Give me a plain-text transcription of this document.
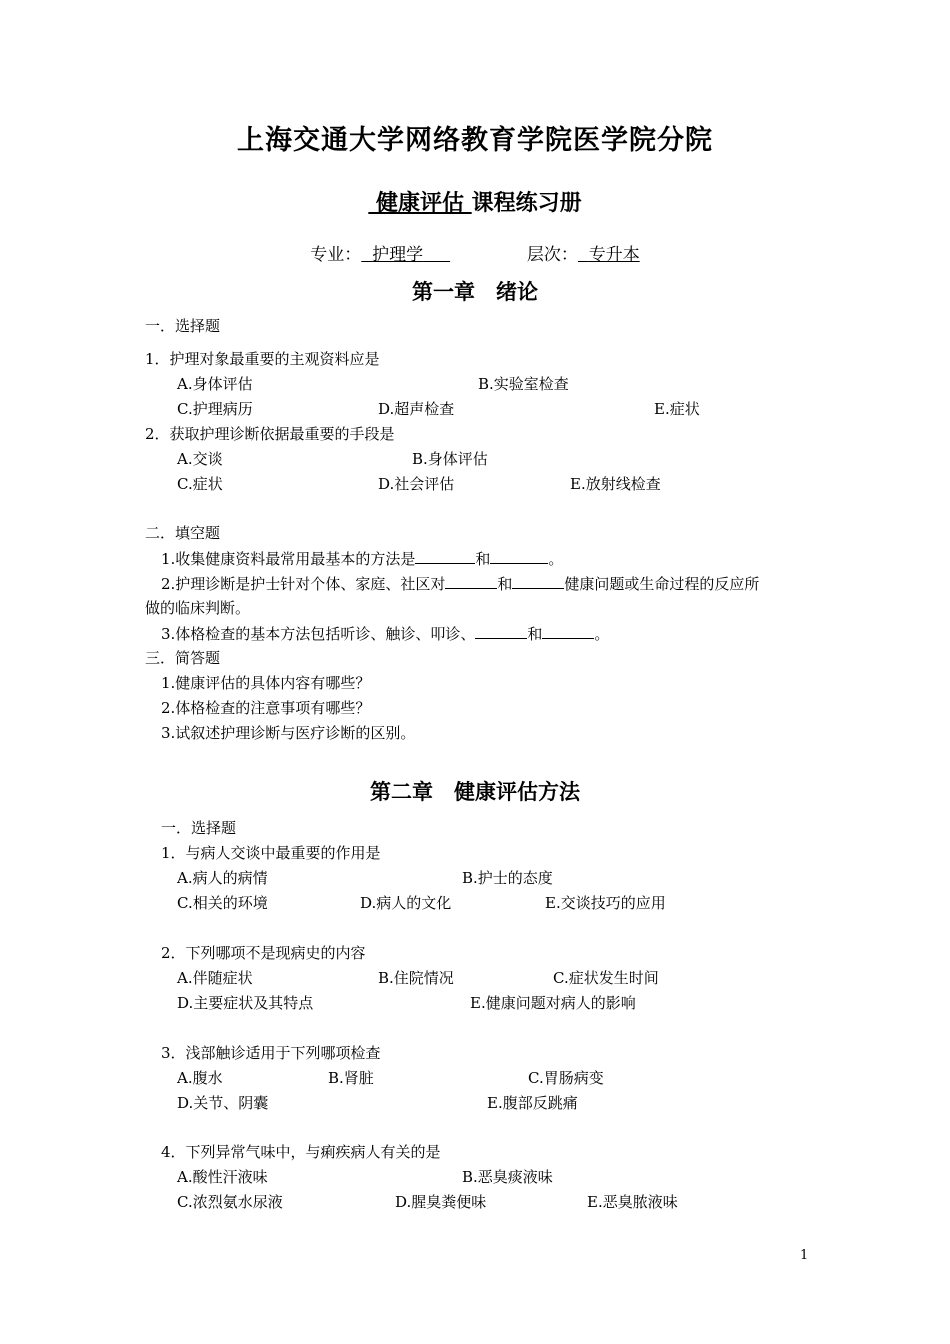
上海交通大学网络教育学院医学院分院
健康评估 课程练习册
专业： 护理学	层次： 专升本
第一章　绪论
一．选择题
1．护理对象最重要的主观资料应是
A.身体评估	B.实验室检查
C.护理病历	D.超声检查	E.症状
2．获取护理诊断依据最重要的手段是
A.交谈	B.身体评估
C.症状	D.社会评估	E.放射线检查
二．填空题
1.收集健康资料最常用最基本的方法是	和	。
2.护理诊断是护士针对个体、家庭、社区对	和	健康问题或生命过程的反应所
做的临床判断。
3.体格检查的基本方法包括听诊、触诊、叩诊、	和	。
三．简答题
1.健康评估的具体内容有哪些？
2.体格检查的注意事项有哪些？
3.试叙述护理诊断与医疗诊断的区别。
第二章　健康评估方法
一．选择题
1．与病人交谈中最重要的作用是
A.病人的病情	B.护士的态度
C.相关的环境	D.病人的文化	E.交谈技巧的应用
2．下列哪项不是现病史的内容
A.伴随症状	B.住院情况	C.症状发生时间
D.主要症状及其特点	E.健康问题对病人的影响
3．浅部触诊适用于下列哪项检查
A.腹水	B.肾脏	C.胃肠病变
D.关节、阴囊	E.腹部反跳痛
4．下列异常气味中，与痢疾病人有关的是
A.酸性汗液味	B.恶臭痰液味
C.浓烈氨水尿液	D.腥臭粪便味	E.恶臭脓液味
1
